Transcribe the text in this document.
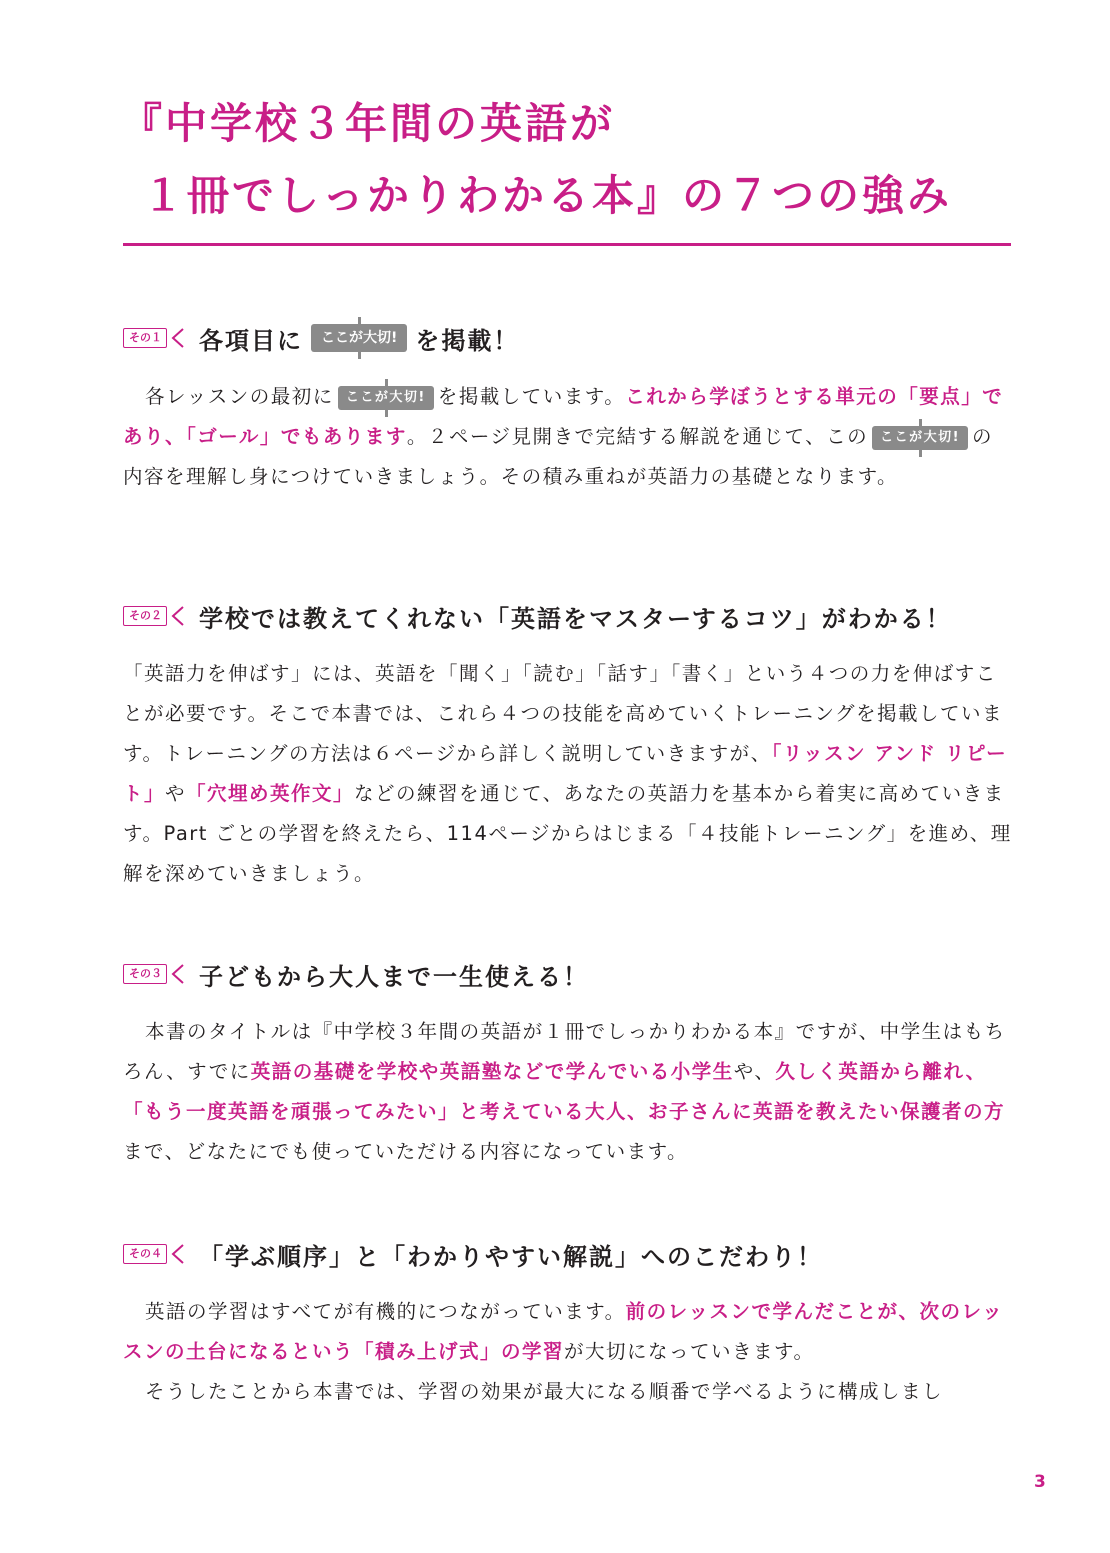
『中学校３年間の英語が
１冊でしっかりわかる本』の７つの強み
その１ 各項目に	ここが大切! を掲載！
各レッスンの最初に ここが大切! を掲載しています。これから学ぼうとする単元の「要点」であり、「ゴール」でもあります。２ページ見開きで完結する解説を通じて、この ここが大切! の内容を理解し身につけていきましょう。その積み重ねが英語力の基礎となります。
その２ 学校では教えてくれない「英語をマスターするコツ」がわかる！
「英語力を伸ばす」には、英語を「聞く」「読む」「話す」「書く」という４つの力を伸ばすことが必要です。そこで本書では、これら４つの技能を高めていくトレーニングを掲載しています。トレーニングの方法は６ページから詳しく説明していきますが、「リッスン アンド リピート」や「穴埋め英作文」などの練習を通じて、あなたの英語力を基本から着実に高めていきます。Part ごとの学習を終えたら、114ページからはじまる「４技能トレーニング」を進め、理解を深めていきましょう。
その３ 子どもから大人まで一生使える！
本書のタイトルは『中学校３年間の英語が１冊でしっかりわかる本』ですが、中学生はもちろん、すでに英語の基礎を学校や英語塾などで学んでいる小学生や、久しく英語から離れ、「もう一度英語を頑張ってみたい」と考えている大人、お子さんに英語を教えたい保護者の方まで、どなたにでも使っていただける内容になっています。
その４ 「学ぶ順序」と「わかりやすい解説」へのこだわり！
英語の学習はすべてが有機的につながっています。前のレッスンで学んだことが、次のレッスンの土台になるという「積み上げ式」の学習が大切になっていきます。
そうしたことから本書では、学習の効果が最大になる順番で学べるように構成しまし
3
